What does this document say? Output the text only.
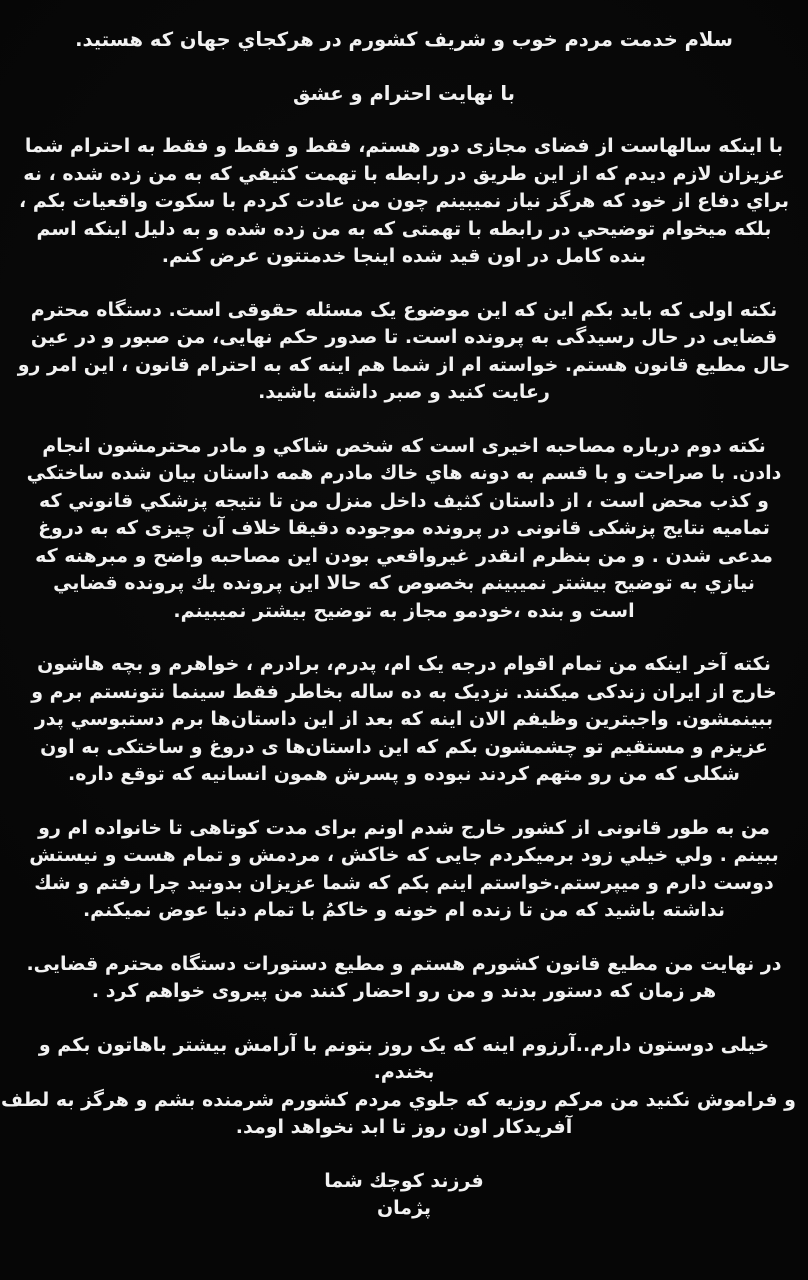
سلام خدمت مردم خوب و شریف کشورم در هرکجاي جهان که هستید.
با نهایت احترام و عشق
با اینکه سالهاست از فضای مجازی دور هستم، فقط و فقط و فقط به احترام شما
عزیزان لازم دیدم که از این طریق در رابطه با تهمت کثیفي که به من زده شده ، نه
براي دفاع از خود که هرگز نیاز نمیبینم چون من عادت کردم با سکوت واقعیات بکم ،
بلکه میخوام توضیحي در رابطه با تهمتی که به من زده شده و به دلیل اینکه اسم
بنده کامل در اون قید شده اینجا خدمتتون عرض کنم.
نکته اولی که باید بکم این که این موضوع یک مسئله حقوقی است. دستگاه محترم
قضایی در حال رسیدگی به پرونده است. تا صدور حکم نهایی، من صبور و در عین
حال مطیع قانون هستم. خواسته ام از شما هم اینه که به احترام قانون ، این امر رو
رعایت کنید و صبر داشته باشید.
نکته دوم درباره مصاحبه اخیری است که شخص شاکي و مادر محترمشون انجام
دادن. با صراحت و با قسم به دونه هاي خاك مادرم همه داستان بیان شده ساختکي
و كذب محض است ، از داستان کثیف داخل منزل من تا نتیجه پزشكي قانوني كه
تمامیه نتایج پزشکی قانونی در پرونده موجوده دقیقا خلاف آن چیزی که به دروغ
مدعی شدن . و من بنظرم انقدر غیرواقعي بودن این مصاحبه واضح و مبرهنه که
نیازي به توضیح بیشتر نمیبینم بخصوص که حالا این پرونده یك پرونده قضایي
است و بنده ،خودمو مجاز به توضیح بیشتر نمیبینم.
نکته آخر اینکه من تمام اقوام درجه یک ام، پدرم، برادرم ، خواهرم و بچه هاشون
خارج از ایران زندکی میکنند. نزدیک به ده ساله بخاطر فقط سینما نتونستم برم و
ببینمشون. واجبترین وظیفم الان اینه که بعد از این داستان‌ها برم دستبوسي پدر
عزیزم و مستقیم تو چشمشون بکم که این داستان‌ها ی دروغ و ساختکی به اون
شکلی که من رو متهم کردند نبوده و پسرش همون انسانیه که توقع داره.
من به طور قانونی از کشور خارج شدم اونم برای مدت کوتاهی تا خانواده ام رو
ببینم . ولي خیلي زود برمیکردم جایی که خاکش ، مردمش و تمام هست و نیستش
دوست دارم و میپرستم.خواستم اینم بکم که شما عزیزان بدونید چرا رفتم و شك
نداشته باشید که من تا زنده ام خونه و خاکمُ با تمام دنیا عوض نمیکنم.
در نهایت من مطیع قانون کشورم هستم و مطیع دستورات دستگاه محترم قضایی.
هر زمان که دستور بدند و من رو احضار کنند من پیروی خواهم کرد .
خیلی دوستون دارم..آرزوم اینه که یک روز بتونم با آرامش بیشتر باهاتون بکم و
بخندم.
و فراموش نکنید من مرکم روزیه که جلوي مردم کشورم شرمنده بشم و هرگز به لطف
آفریدکار اون روز تا ابد نخواهد اومد.
فرزند کوچك شما
پژمان
